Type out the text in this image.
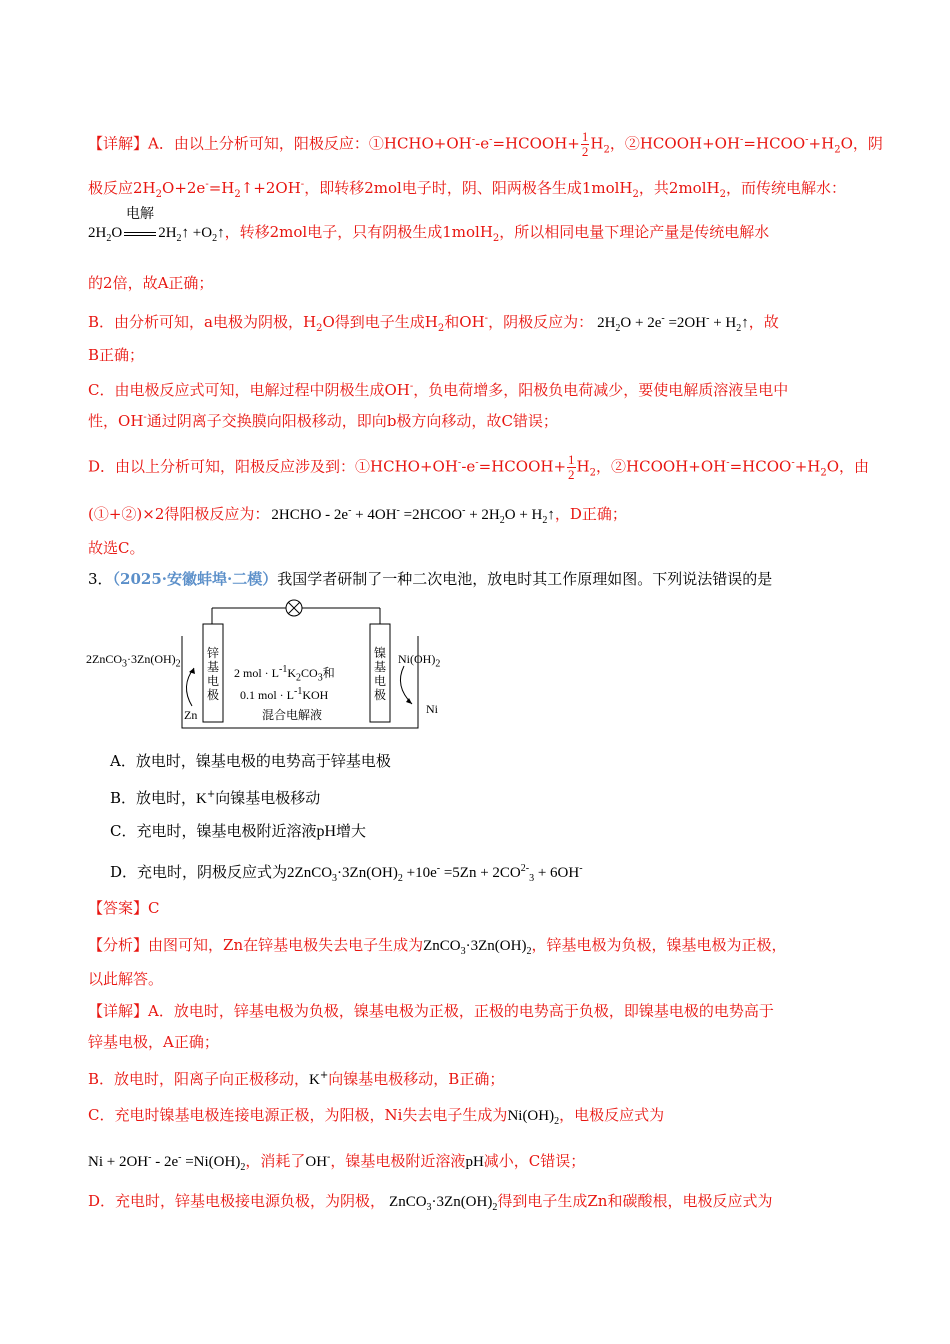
【详解】A．由以上分析可知，阳极反应：①HCHO+OH--e-=HCOOH+ $\frac{1}{2} H_2$，$②HCOOH+OH^-=HCOO^-+H_2O$，阴
极反应$2H_2O+2e^-=H_2↑+2OH^-$，即转移2mol电子时，阴、阳两极各生成1molH$_2$，共2molH$_2$，而传统电解水：
电解
$2H_2O$ $2H_2↑$ $+O_2↑$，转移2mol电子，只有阴极生成1molH$_2$，所以相同电量下理论产量是传统电解水
的2倍，故A正确；
B．由分析可知，a电极为阴极，$H_2O$得到电子生成$H_2$和OH-，阴极反应为： $2H_2O + 2e^- =2OH^-$ + $H_2↑$，故
B正确；
C．由电极反应式可知，电解过程中阴极生成OH-，负电荷增多，阳极负电荷减少，要使电解质溶液呈电中
性，OH-通过阴离子交换膜向阳极移动，即向b极方向移动，故C错误；
D．由以上分析可知，阳极反应涉及到：①HCHO+OH--e-=HCOOH+ $\frac{1}{2} H_2$，$②HCOOH+OH^-=HCOO^-+H_2O$，由
(①+②)×2得阳极反应为： 2HCHO - 2e- + 4OH- =2HCOO- + $2H_2O$ + $H_2↑$，D正确；
故选C。
3．（2025·安徽蚌埠·二模）我国学者研制了一种二次电池，放电时其工作原理如图。下列说法错误的是
$2ZnCO_3\cdot 3Zn(OH)_2$
锌
基
电
极
镍
基
电
极
2 mol · $L^{-1}K_2CO_3$和
0.1 mol · $L^{-1}KOH$
混合电解液
Zn
$Ni(OH)_2$
Ni
A．放电时，镍基电极的电势高于锌基电极
B．放电时，K+向镍基电极移动
C．充电时，镍基电极附近溶液pH增大
D．充电时，阴极反应式为$2ZnCO_3\cdot 3Zn(OH)_2 +10e^- =5Zn + 2CO^{2-}_3 + 6OH^-$
【答案】C
【分析】由图可知，Zn在锌基电极失去电子生成为$ZnCO_3\cdot 3Zn(OH)_2$，锌基电极为负极，镍基电极为正极，
以此解答。
【详解】A．放电时，锌基电极为负极，镍基电极为正极，正极的电势高于负极，即镍基电极的电势高于
锌基电极，A正确；
B．放电时，阳离子向正极移动，K+向镍基电极移动，B正确；
C．充电时镍基电极连接电源正极，为阳极，Ni失去电子生成为$Ni(OH)_2$，电极反应式为
$Ni + 2OH^- - 2e^- =Ni(OH)_2$，消耗了OH-，镍基电极附近溶液pH减小，C错误；
D．充电时，锌基电极接电源负极，为阴极， $ZnCO_3\cdot 3Zn(OH)_2$得到电子生成Zn和碳酸根，电极反应式为
